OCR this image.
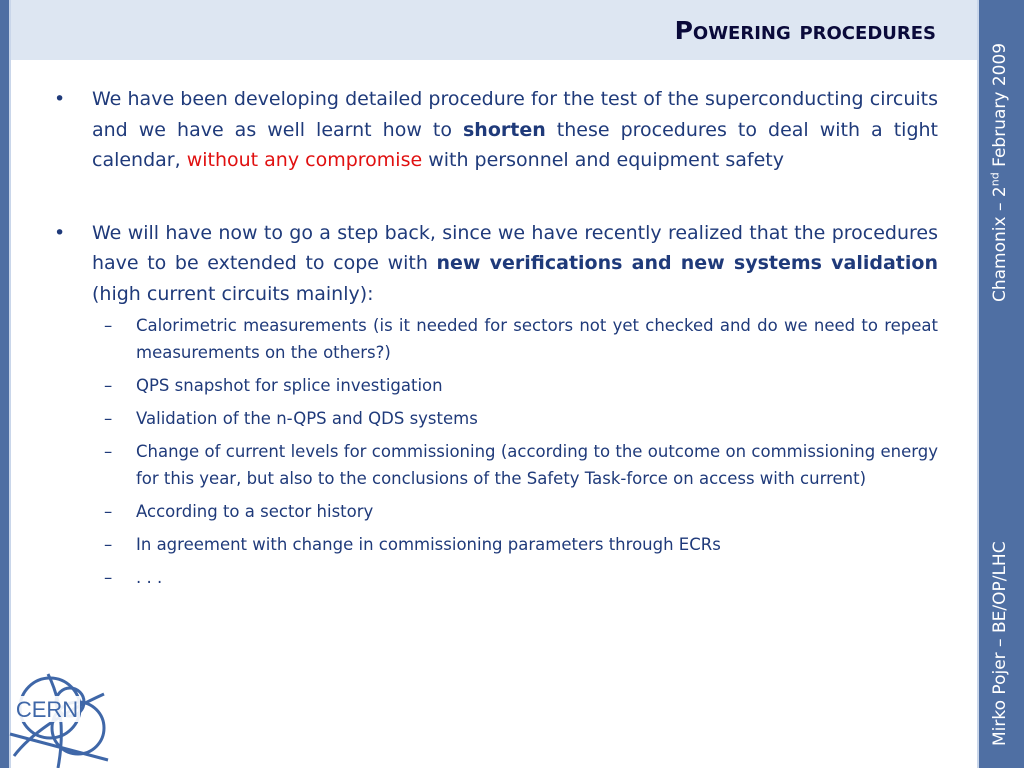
Powering procedures
Chamonix – 2nd February 2009
Mirko Pojer – BE/OP/LHC

• We have been developing detailed procedure for the test of the superconducting circuits and we have as well learnt how to shorten these procedures to deal with a tight calendar, without any compromise with personnel and equipment safety

• We will have now to go a step back, since we have recently realized that the procedures have to be extended to cope with new verifications and new systems validation (high current circuits mainly):

– Calorimetric measurements (is it needed for sectors not yet checked and do we need to repeat measurements on the others?)
– QPS snapshot for splice investigation
– Validation of the n-QPS and QDS systems
– Change of current levels for commissioning (according to the outcome on commissioning energy for this year, but also to the conclusions of the Safety Task-force on access with current)
– According to a sector history
– In agreement with change in commissioning parameters through ECRs
– . . .
CERN
